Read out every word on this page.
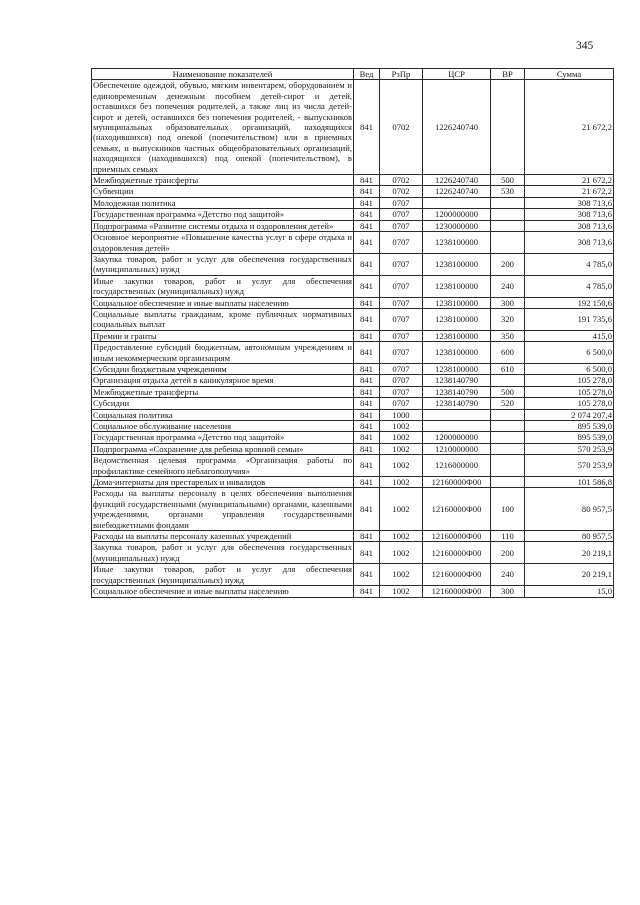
345
Наименование показателей	Вед	РзПр	ЦСР	ВР	Сумма
Обеспечение одеждой, обувью, мягким инвентарем, оборудованием и единовременным денежным пособием детей-сирот и детей, оставшихся без попечения родителей, а также лиц из числа детей-сирот и детей, оставшихся без попечения родителей, - выпускников муниципальных образовательных организаций, находящихся (находившихся) под опекой (попечительством) или в приемных семьях, и выпускников частных общеобразовательных организаций, находящихся (находившихся) под опекой (попечительством), в приемных семьях	841	0702	1226240740		21 672,2
Межбюджетные трансферты	841	0702	1226240740	500	21 672,2
Субвенции	841	0702	1226240740	530	21 672,2
Молодежная политика	841	0707			308 713,6
Государственная программа «Детство под защитой»	841	0707	1200000000		308 713,6
Подпрограмма «Развитие системы отдыха и оздоровления детей»	841	0707	1230000000		308 713,6
Основное мероприятие «Повышение качества услуг в сфере отдыха и оздоровления детей»	841	0707	1238100000		308 713,6
Закупка товаров, работ и услуг для обеспечения государственных (муниципальных) нужд	841	0707	1238100000	200	4 785,0
Иные закупки товаров, работ и услуг для обеспечения государственных (муниципальных) нужд	841	0707	1238100000	240	4 785,0
Социальное обеспечение и иные выплаты населению	841	0707	1238100000	300	192 150,6
Социальные выплаты гражданам, кроме публичных нормативных социальных выплат	841	0707	1238100000	320	191 735,6
Премии и гранты	841	0707	1238100000	350	415,0
Предоставление субсидий бюджетным, автономным учреждениям и иным некоммерческим организациям	841	0707	1238100000	600	6 500,0
Субсидии бюджетным учреждениям	841	0707	1238100000	610	6 500,0
Организация отдыха детей в каникулярное время	841	0707	1238140790		105 278,0
Межбюджетные трансферты	841	0707	1238140790	500	105 278,0
Субсидии	841	0707	1238140790	520	105 278,0
Социальная политика	841	1000			2 074 207,4
Социальное обслуживание населения	841	1002			895 539,0
Государственная программа «Детство под защитой»	841	1002	1200000000		895 539,0
Подпрограмма «Сохранение для ребенка кровной семьи»	841	1002	1210000000		570 253,9
Ведомственная целевая программа «Организация работы по профилактике семейного неблагополучия»	841	1002	1216000000		570 253,9
Дома-интернаты для престарелых и инвалидов	841	1002	12160000Ф00		101 586,8
Расходы на выплаты персоналу в целях обеспечения выполнения функций государственными (муниципальными) органами, казенными учреждениями, органами управления государственными внебюджетными фондами	841	1002	12160000Ф00	100	80 957,5
Расходы на выплаты персоналу казенных учреждений	841	1002	12160000Ф00	110	80 957,5
Закупка товаров, работ и услуг для обеспечения государственных (муниципальных) нужд	841	1002	12160000Ф00	200	20 219,1
Иные закупки товаров, работ и услуг для обеспечения государственных (муниципальных) нужд	841	1002	12160000Ф00	240	20 219,1
Социальное обеспечение и иные выплаты населению	841	1002	12160000Ф00	300	15,0
